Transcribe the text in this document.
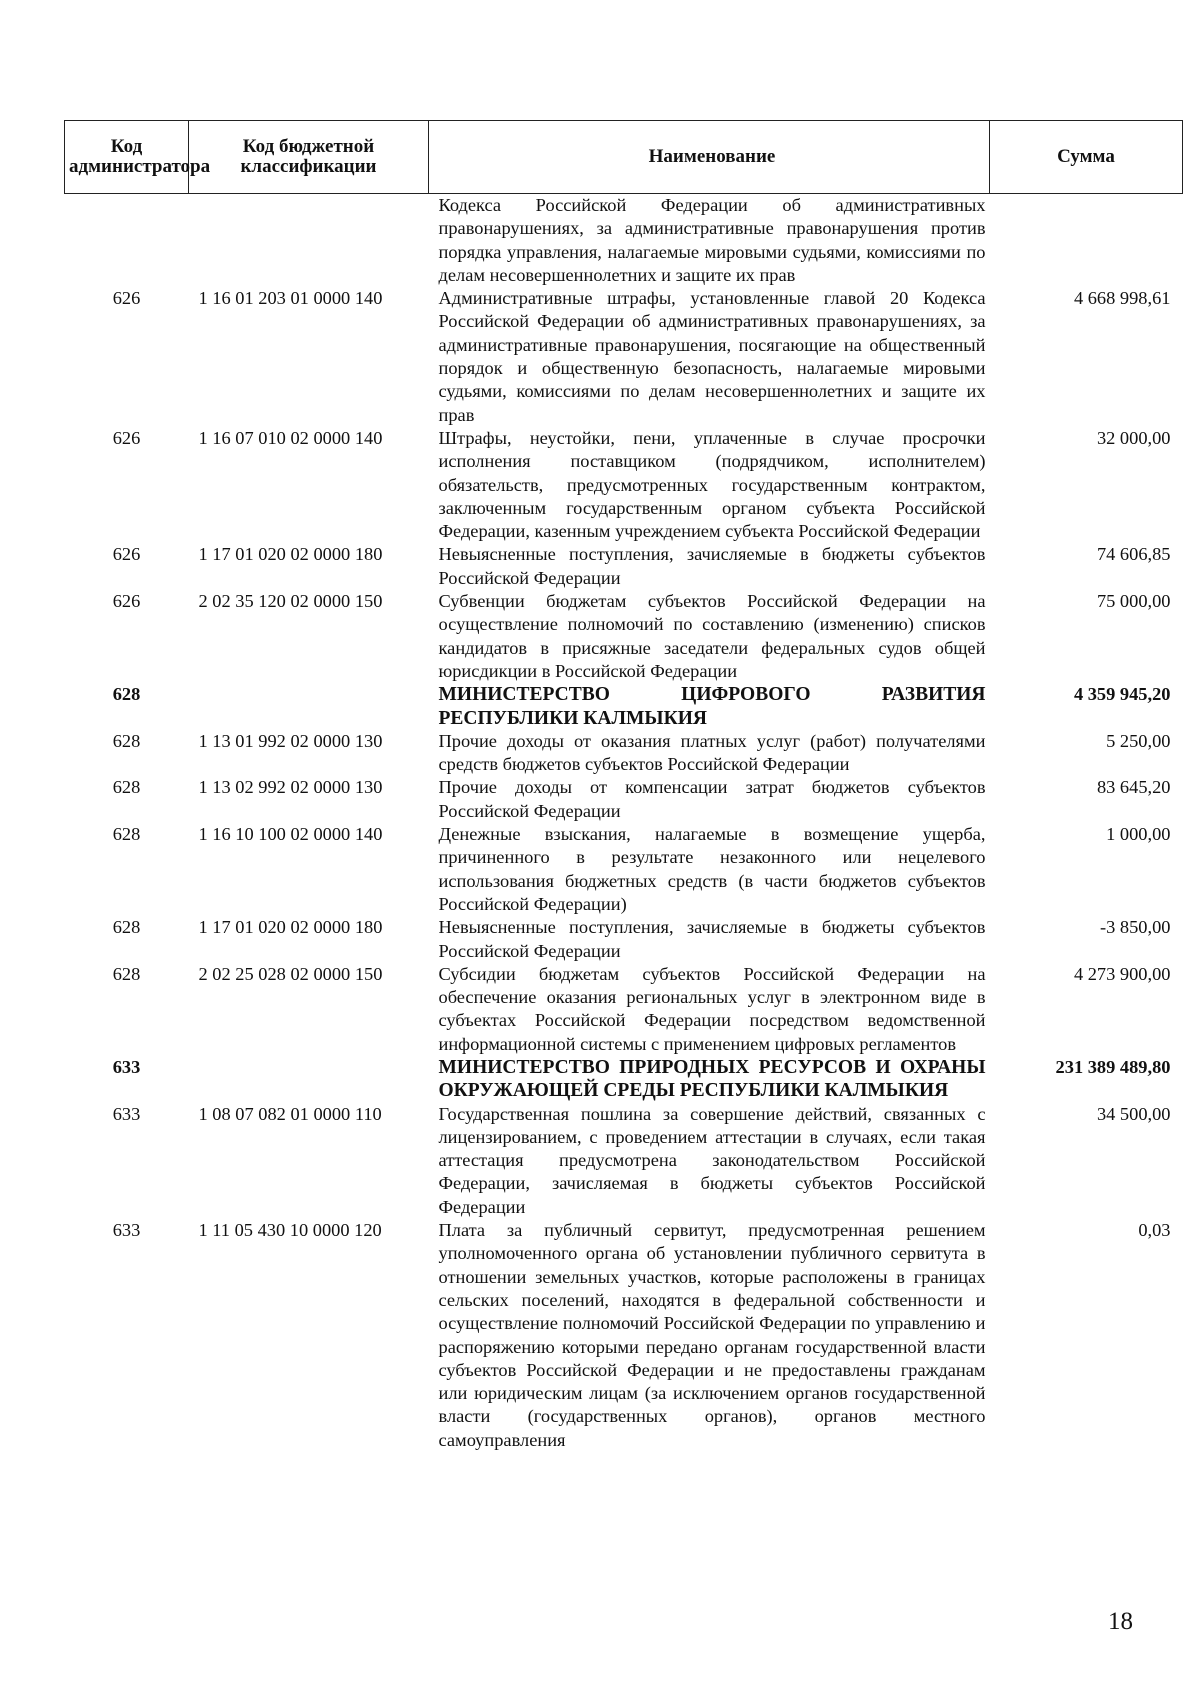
Код администратора	Код бюджетной классификации	Наименование	Сумма
		Кодекса Российской Федерации об административных правонарушениях, за административные правонарушения против порядка управления, налагаемые мировыми судьями, комиссиями по делам несовершеннолетних и защите их прав	
626	1 16 01 203 01 0000 140	Административные штрафы, установленные главой 20 Кодекса Российской Федерации об административных правонарушениях, за административные правонарушения, посягающие на общественный порядок и общественную безопасность, налагаемые мировыми судьями, комиссиями по делам несовершеннолетних и защите их прав	4 668 998,61
626	1 16 07 010 02 0000 140	Штрафы, неустойки, пени, уплаченные в случае просрочки исполнения поставщиком (подрядчиком, исполнителем) обязательств, предусмотренных государственным контрактом, заключенным государственным органом субъекта Российской Федерации, казенным учреждением субъекта Российской Федерации	32 000,00
626	1 17 01 020 02 0000 180	Невыясненные поступления, зачисляемые в бюджеты субъектов Российской Федерации	74 606,85
626	2 02 35 120 02 0000 150	Субвенции бюджетам субъектов Российской Федерации на осуществление полномочий по составлению (изменению) списков кандидатов в присяжные заседатели федеральных судов общей юрисдикции в Российской Федерации	75 000,00
628		МИНИСТЕРСТВО ЦИФРОВОГО РАЗВИТИЯ РЕСПУБЛИКИ КАЛМЫКИЯ	4 359 945,20
628	1 13 01 992 02 0000 130	Прочие доходы от оказания платных услуг (работ) получателями средств бюджетов субъектов Российской Федерации	5 250,00
628	1 13 02 992 02 0000 130	Прочие доходы от компенсации затрат бюджетов субъектов Российской Федерации	83 645,20
628	1 16 10 100 02 0000 140	Денежные взыскания, налагаемые в возмещение ущерба, причиненного в результате незаконного или нецелевого использования бюджетных средств (в части бюджетов субъектов Российской Федерации)	1 000,00
628	1 17 01 020 02 0000 180	Невыясненные поступления, зачисляемые в бюджеты субъектов Российской Федерации	-3 850,00
628	2 02 25 028 02 0000 150	Субсидии бюджетам субъектов Российской Федерации на обеспечение оказания региональных услуг в электронном виде в субъектах Российской Федерации посредством ведомственной информационной системы с применением цифровых регламентов	4 273 900,00
633		МИНИСТЕРСТВО ПРИРОДНЫХ РЕСУРСОВ И ОХРАНЫ ОКРУЖАЮЩЕЙ СРЕДЫ РЕСПУБЛИКИ КАЛМЫКИЯ	231 389 489,80
633	1 08 07 082 01 0000 110	Государственная пошлина за совершение действий, связанных с лицензированием, с проведением аттестации в случаях, если такая аттестация предусмотрена законодательством Российской Федерации, зачисляемая в бюджеты субъектов Российской Федерации	34 500,00
633	1 11 05 430 10 0000 120	Плата за публичный сервитут, предусмотренная решением уполномоченного органа об установлении публичного сервитута в отношении земельных участков, которые расположены в границах сельских поселений, находятся в федеральной собственности и осуществление полномочий Российской Федерации по управлению и распоряжению которыми передано органам государственной власти субъектов Российской Федерации и не предоставлены гражданам или юридическим лицам (за исключением органов государственной власти (государственных органов), органов местного самоуправления	0,03
18
